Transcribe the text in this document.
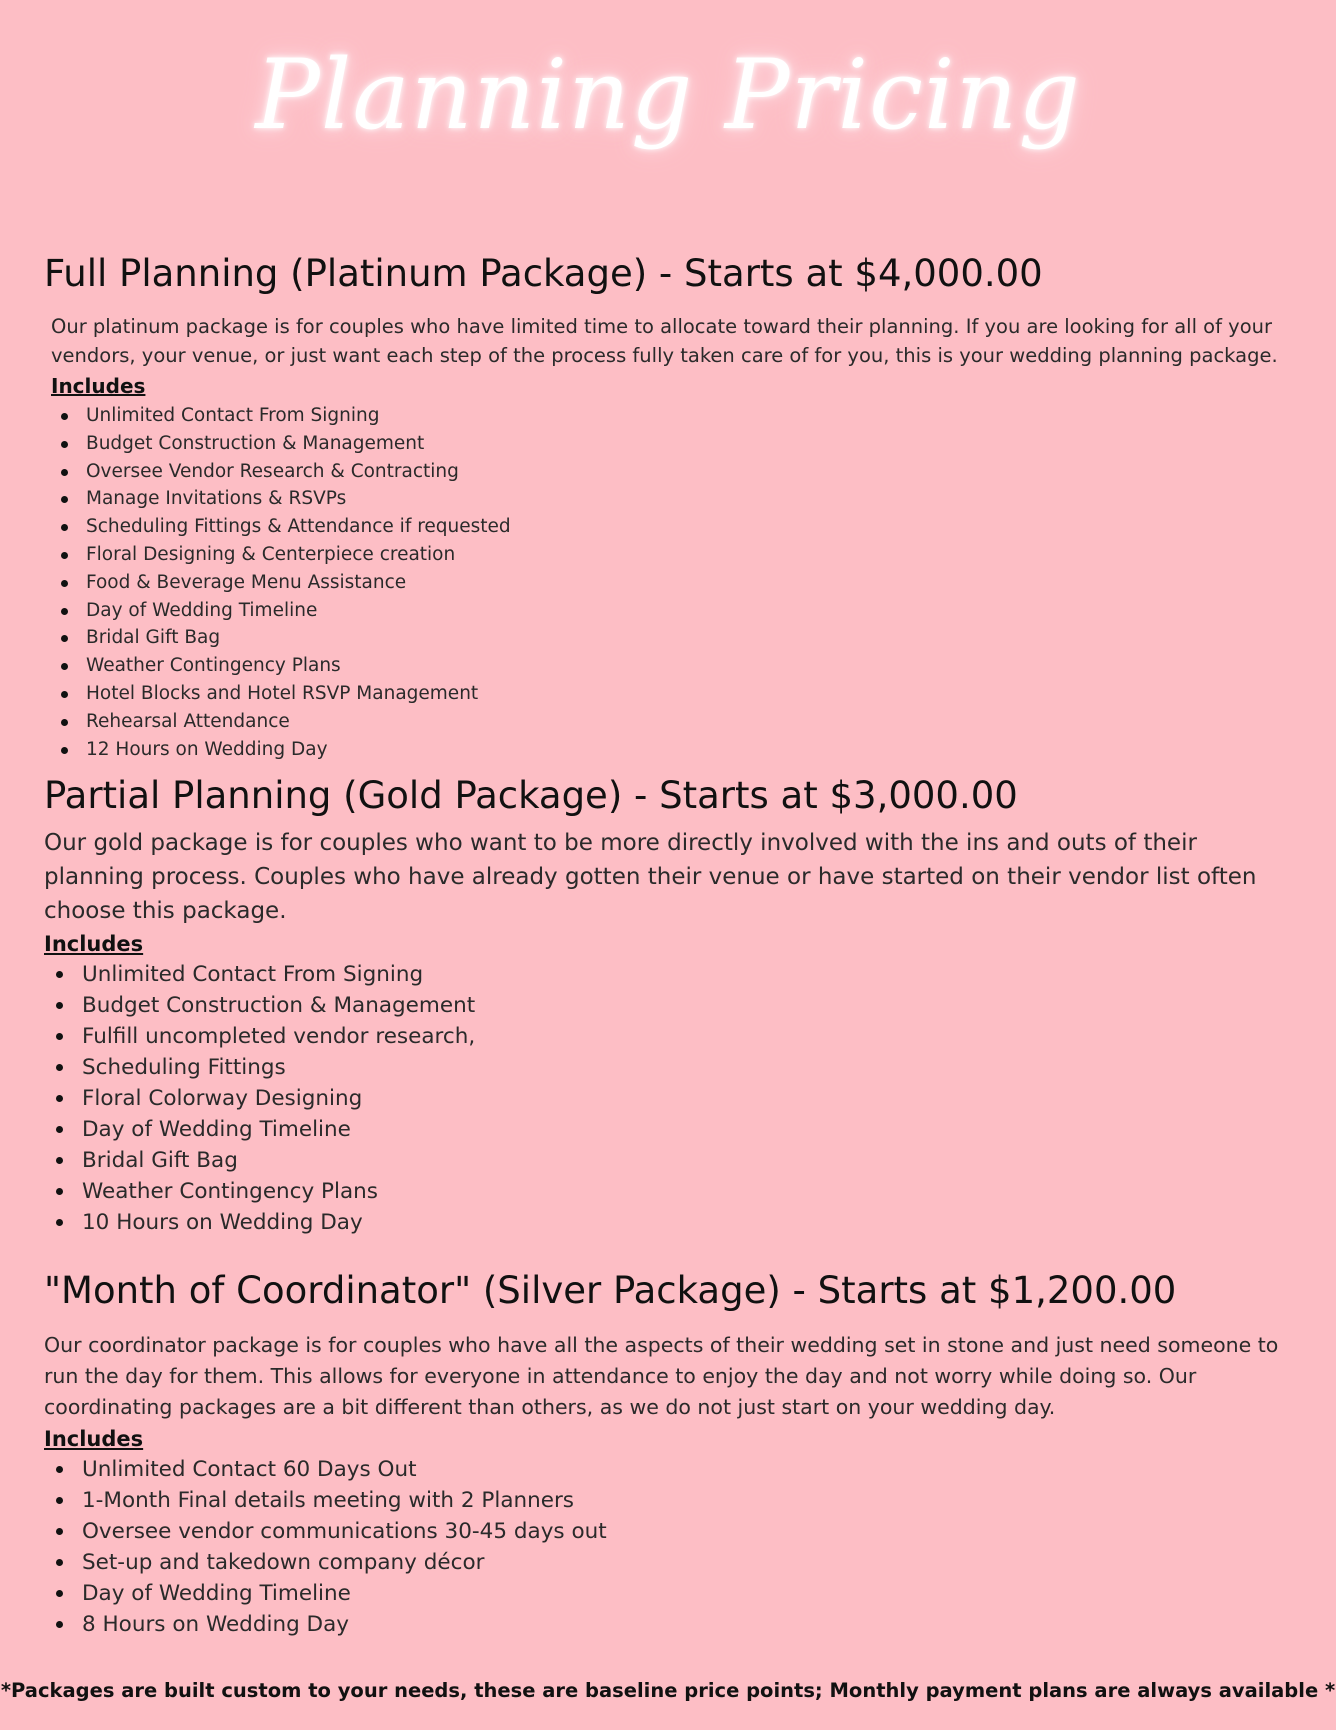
Planning Pricing
Full Planning (Platinum Package) - Starts at $4,000.00

Our platinum package is for couples who have limited time to allocate toward their planning. If you are looking for all of your vendors, your venue, or just want each step of the process fully taken care of for you, this is your wedding planning package.

Includes

Unlimited Contact From Signing
Budget Construction & Management
Oversee Vendor Research & Contracting
Manage Invitations & RSVPs
Scheduling Fittings & Attendance if requested
Floral Designing & Centerpiece creation
Food & Beverage Menu Assistance
Day of Wedding Timeline
Bridal Gift Bag
Weather Contingency Plans
Hotel Blocks and Hotel RSVP Management
Rehearsal Attendance
12 Hours on Wedding Day
Partial Planning (Gold Package) - Starts at $3,000.00

Our gold package is for couples who want to be more directly involved with the ins and outs of their planning process. Couples who have already gotten their venue or have started on their vendor list often choose this package.

Includes

Unlimited Contact From Signing
Budget Construction & Management
Fulfill uncompleted vendor research,
Scheduling Fittings
Floral Colorway Designing
Day of Wedding Timeline
Bridal Gift Bag
Weather Contingency Plans
10 Hours on Wedding Day
"Month of Coordinator" (Silver Package) - Starts at $1,200.00

Our coordinator package is for couples who have all the aspects of their wedding set in stone and just need someone to run the day for them. This allows for everyone in attendance to enjoy the day and not worry while doing so. Our coordinating packages are a bit different than others, as we do not just start on your wedding day.

Includes

Unlimited Contact 60 Days Out
1-Month Final details meeting with 2 Planners
Oversee vendor communications 30-45 days out
Set-up and takedown company décor
Day of Wedding Timeline
8 Hours on Wedding Day
*Packages are built custom to your needs, these are baseline price points; Monthly payment plans are always available *
